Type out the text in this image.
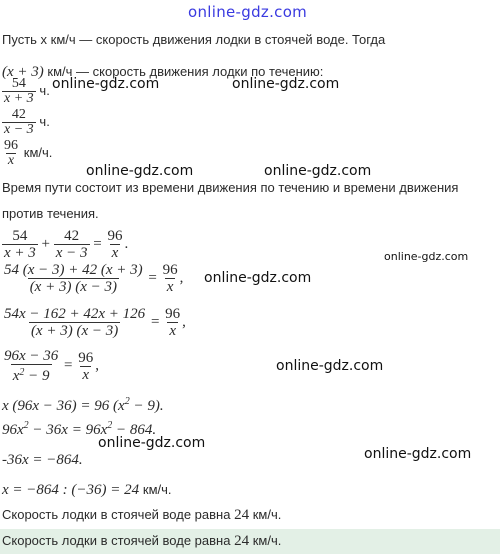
online-gdz.com
Пусть x км/ч — скорость движения лодки в стоячей воде. Тогда
(x + 3) км/ч — скорость движения лодки по течению:
online-gdz.com	online-gdz.com
$\frac{54}{x + 3} ч$.
$\frac{42}{x - 3} ч$.
$\frac{96}{x} км/ч$.
online-gdz.com	online-gdz.com
Время пути состоит из времени движения по течению и времени движения
против течения.
$\frac{54}{x + 3} + \frac{42}{x - 3} = \frac{96}{x}$ .
online-gdz.com
$\frac{54 (x - 3) + 42 (x + 3)}{(x + 3) (x - 3)} = \frac{96}{x}$ , online-gdz.com
$\frac{54x - 162 + 42x + 126}{(x + 3) (x - 3)} = \frac{96}{x}$ ,
$\frac{96x - 36}{x^2 - 9} = \frac{96}{x}$ ,	online-gdz.com
x (96x − 36) = 96 $(x^2 - 9)$.
$96x^2 - 36x = 96x^2 - 864$.
online-gdz.com
online-gdz.com
-36x = −864.
x = −864 : (−36) = 24 км/ч.
Скорость лодки в стоячей воде равна 24 км/ч.
Скорость лодки в стоячей воде равна 24 км/ч.
